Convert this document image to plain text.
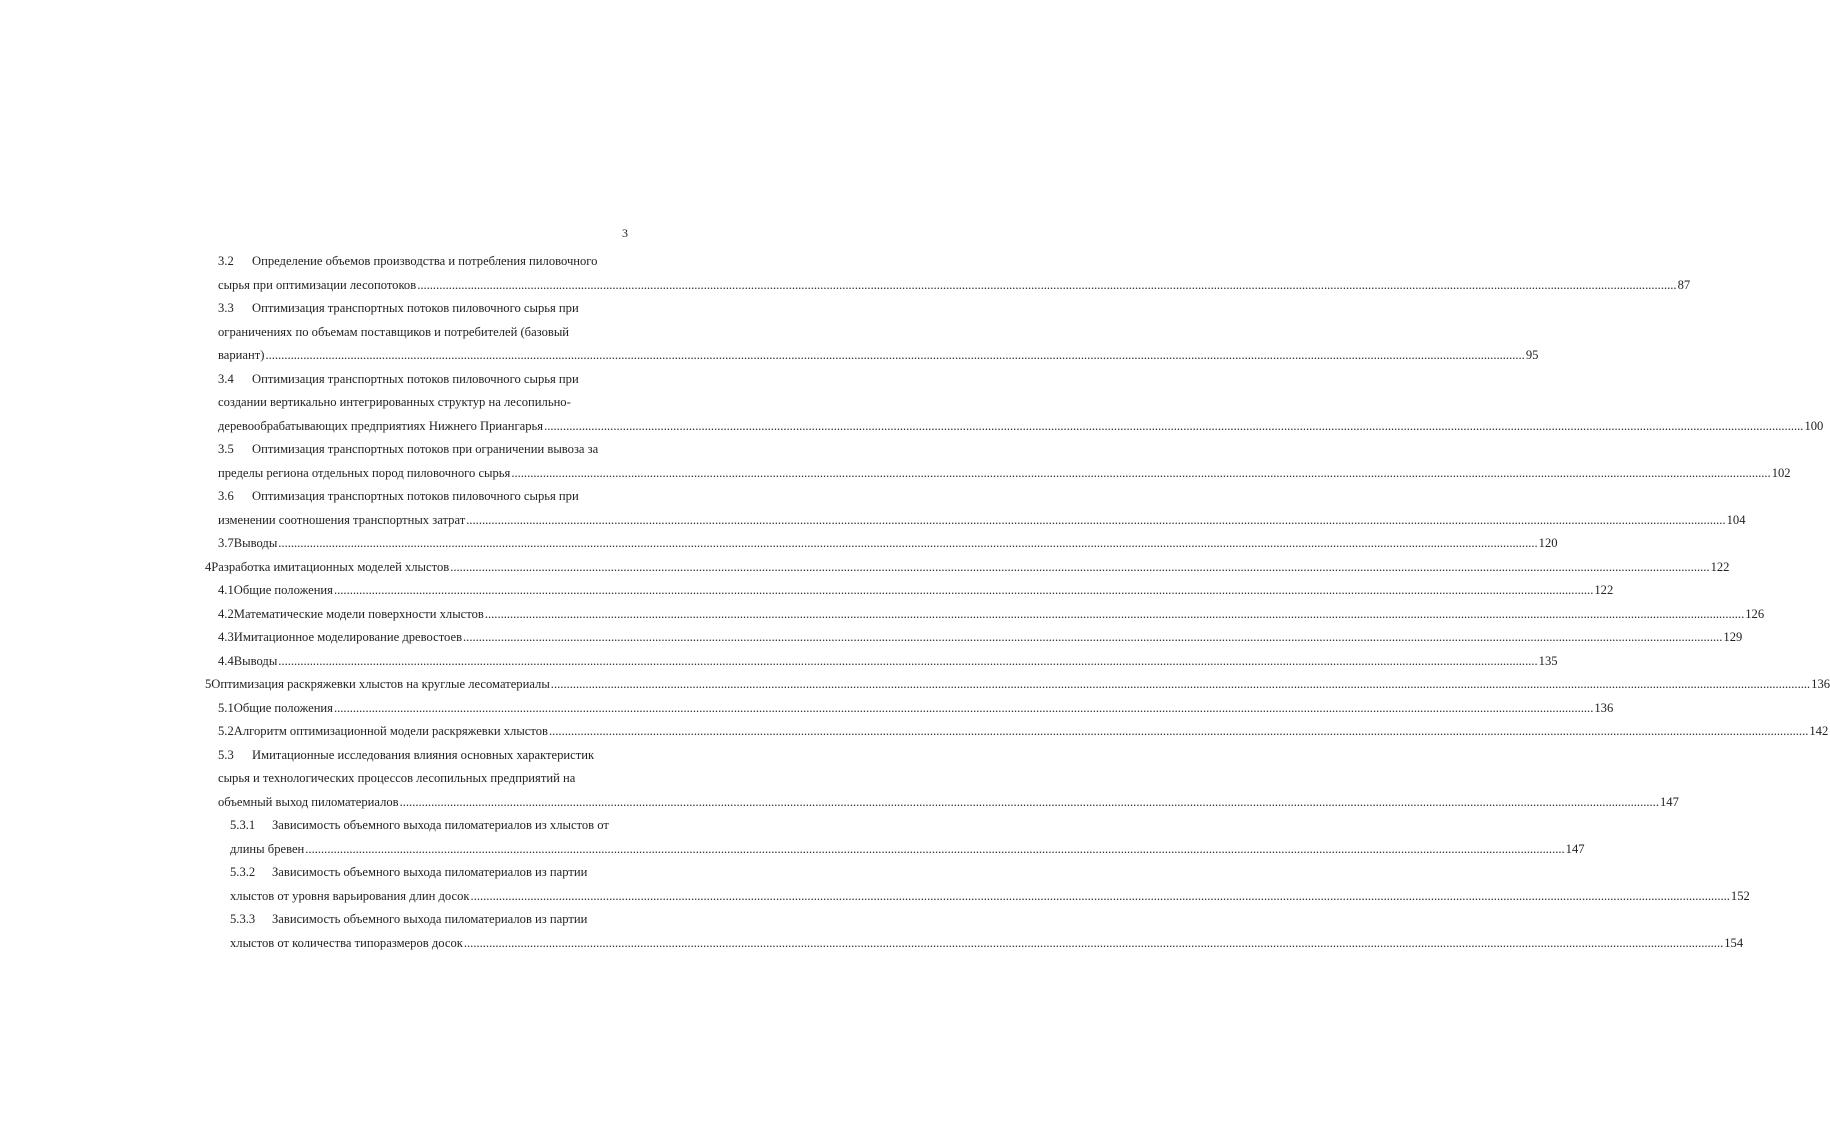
3
3.2 Определение объемов производства и потребления пиловочного
сырья при оптимизации лесопотоков ................................................................................................................................................................................................................................................................................................................................................................................................................ 87
3.3 Оптимизация транспортных потоков пиловочного сырья при
ограничениях по объемам поставщиков и потребителей (базовый
вариант) ................................................................................................................................................................................................................................................................................................................................................................................................................ 95
3.4 Оптимизация транспортных потоков пиловочного сырья при
создании вертикально интегрированных структур на лесопильно-
деревообрабатывающих предприятиях Нижнего Приангарья ................................................................................................................................................................................................................................................................................................................................................................................................................ 100
3.5 Оптимизация транспортных потоков при ограничении вывоза за
пределы региона отдельных пород пиловочного сырья ................................................................................................................................................................................................................................................................................................................................................................................................................ 102
3.6 Оптимизация транспортных потоков пиловочного сырья при
изменении соотношения транспортных затрат ................................................................................................................................................................................................................................................................................................................................................................................................................ 104
3.7 Выводы ................................................................................................................................................................................................................................................................................................................................................................................................................ 120
4 Разработка имитационных моделей хлыстов ................................................................................................................................................................................................................................................................................................................................................................................................................ 122
4.1 Общие положения ................................................................................................................................................................................................................................................................................................................................................................................................................ 122
4.2 Математические модели поверхности хлыстов ................................................................................................................................................................................................................................................................................................................................................................................................................ 126
4.3 Имитационное моделирование древостоев ................................................................................................................................................................................................................................................................................................................................................................................................................ 129
4.4 Выводы ................................................................................................................................................................................................................................................................................................................................................................................................................ 135
5 Оптимизация раскряжевки хлыстов на круглые лесоматериалы ................................................................................................................................................................................................................................................................................................................................................................................................................ 136
5.1 Общие положения ................................................................................................................................................................................................................................................................................................................................................................................................................ 136
5.2 Алгоритм оптимизационной модели раскряжевки хлыстов ................................................................................................................................................................................................................................................................................................................................................................................................................ 142
5.3 Имитационные исследования влияния основных характеристик
сырья и технологических процессов лесопильных предприятий на
объемный выход пиломатериалов ................................................................................................................................................................................................................................................................................................................................................................................................................ 147
5.3.1 Зависимость объемного выхода пиломатериалов из хлыстов от
длины бревен ................................................................................................................................................................................................................................................................................................................................................................................................................ 147
5.3.2 Зависимость объемного выхода пиломатериалов из партии
хлыстов от уровня варьирования длин досок ................................................................................................................................................................................................................................................................................................................................................................................................................ 152
5.3.3 Зависимость объемного выхода пиломатериалов из партии
хлыстов от количества типоразмеров досок ................................................................................................................................................................................................................................................................................................................................................................................................................ 154
